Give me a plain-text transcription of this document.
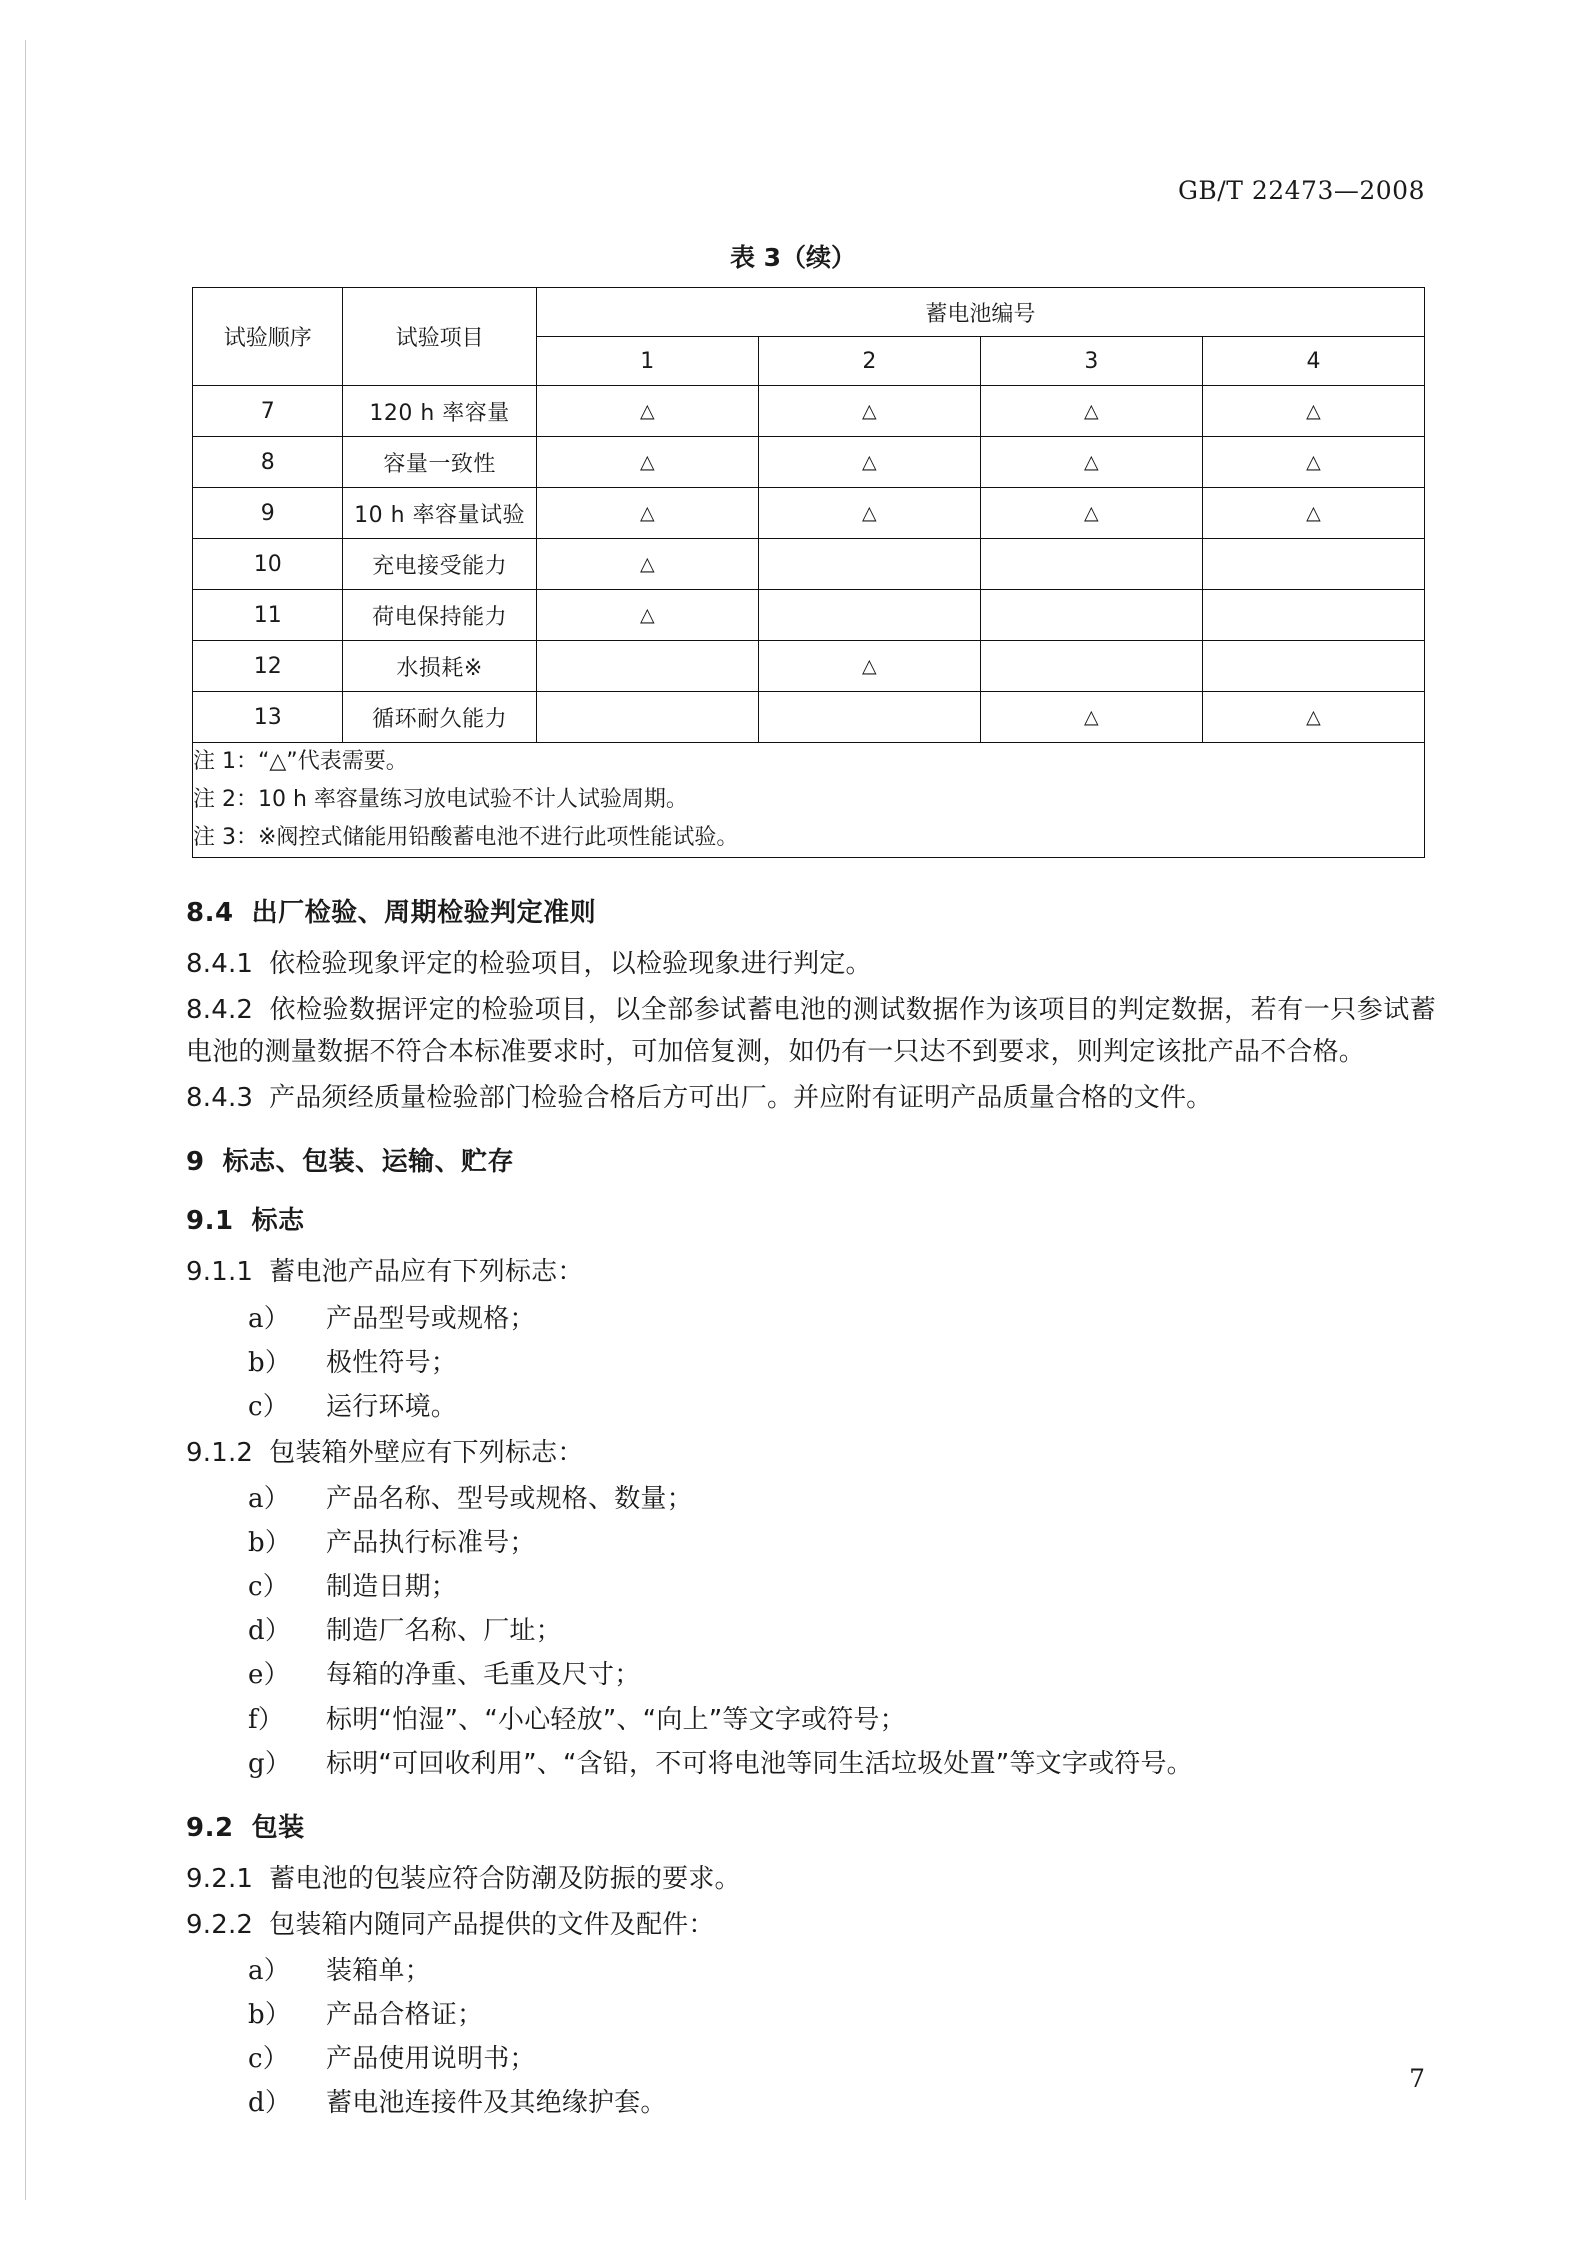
GB/T 22473—2008
表 3（续）
试验顺序	试验项目	蓄电池编号			
		1	2	3	4
7	120 h 率容量	△	△	△	△
8	容量一致性	△	△	△	△
9	10 h 率容量试验	△	△	△	△
10	充电接受能力	△			
11	荷电保持能力	△			
12	水损耗※		△		
13	循环耐久能力			△	△

注 1：“△”代表需要。
注 2：10 h 率容量练习放电试验不计人试验周期。
注 3：※阀控式储能用铅酸蓄电池不进行此项性能试验。					
8.4 出厂检验、周期检验判定准则

8.4.1 依检验现象评定的检验项目，以检验现象进行判定。

8.4.2 依检验数据评定的检验项目，以全部参试蓄电池的测试数据作为该项目的判定数据，若有一只参试蓄电池的测量数据不符合本标准要求时，可加倍复测，如仍有一只达不到要求，则判定该批产品不合格。

8.4.3 产品须经质量检验部门检验合格后方可出厂。并应附有证明产品质量合格的文件。

9 标志、包装、运输、贮存
9.1 标志

9.1.1 蓄电池产品应有下列标志：

a）	产品型号或规格；
b）	极性符号；
c）	运行环境。

9.1.2 包装箱外壁应有下列标志：

a）	产品名称、型号或规格、数量；
b）	产品执行标准号；
c）	制造日期；
d）	制造厂名称、厂址；
e）	每箱的净重、毛重及尺寸；
f）	标明“怕湿”、“小心轻放”、“向上”等文字或符号；
g）	标明“可回收利用”、“含铅，不可将电池等同生活垃圾处置”等文字或符号。
9.2 包装

9.2.1 蓄电池的包装应符合防潮及防振的要求。

9.2.2 包装箱内随同产品提供的文件及配件：

a）	装箱单；
b）	产品合格证；
c）	产品使用说明书；
d）	蓄电池连接件及其绝缘护套。
7
